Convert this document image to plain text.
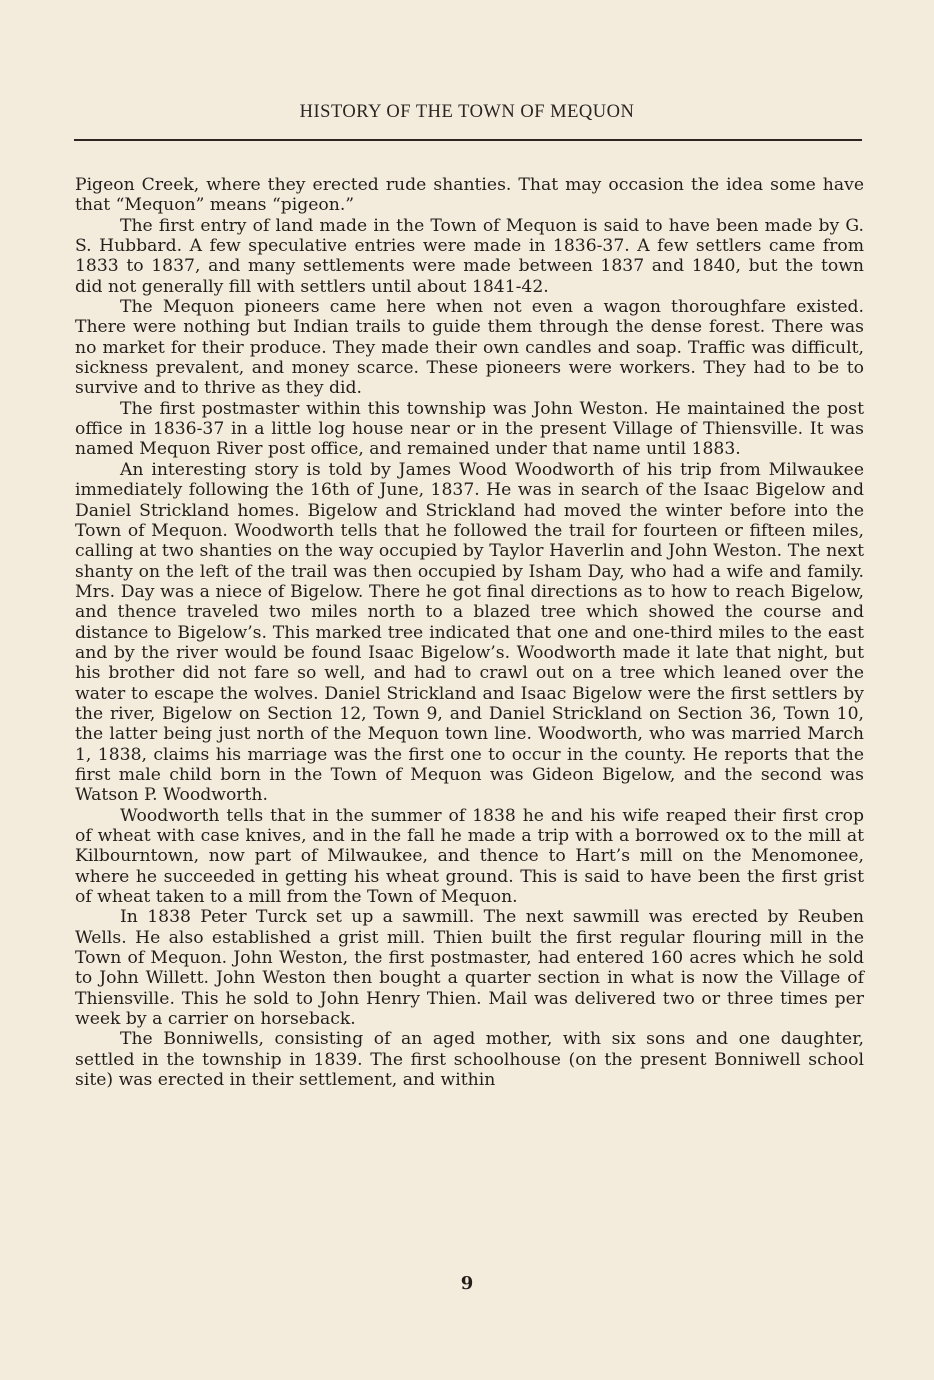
HISTORY OF THE TOWN OF MEQUON

Pigeon Creek, where they erected rude shanties. That may occasion the idea some have that “Mequon” means “pigeon.”

The first entry of land made in the Town of Mequon is said to have been made by G. S. Hubbard. A few speculative entries were made in 1836-37. A few settlers came from 1833 to 1837, and many settlements were made between 1837 and 1840, but the town did not generally fill with settlers until about 1841-42.

The Mequon pioneers came here when not even a wagon thoroughfare existed. There were nothing but Indian trails to guide them through the dense forest. There was no market for their produce. They made their own candles and soap. Traffic was difficult, sickness prevalent, and money scarce. These pioneers were workers. They had to be to survive and to thrive as they did.

The first postmaster within this township was John Weston. He maintained the post office in 1836-37 in a little log house near or in the present Village of Thiensville. It was named Mequon River post office, and remained under that name until 1883.

An interesting story is told by James Wood Woodworth of his trip from Milwaukee immediately following the 16th of June, 1837. He was in search of the Isaac Bigelow and Daniel Strickland homes. Bigelow and Strickland had moved the winter before into the Town of Mequon. Woodworth tells that he followed the trail for fourteen or fifteen miles, calling at two shanties on the way occupied by Taylor Haverlin and John Weston. The next shanty on the left of the trail was then occupied by Isham Day, who had a wife and family. Mrs. Day was a niece of Bigelow. There he got final directions as to how to reach Bigelow, and thence traveled two miles north to a blazed tree which showed the course and distance to Bigelow’s. This marked tree indicated that one and one-third miles to the east and by the river would be found Isaac Bigelow’s. Woodworth made it late that night, but his brother did not fare so well, and had to crawl out on a tree which leaned over the water to escape the wolves. Daniel Strickland and Isaac Bigelow were the first settlers by the river, Bigelow on Section 12, Town 9, and Daniel Strickland on Section 36, Town 10, the latter being just north of the Mequon town line. Woodworth, who was married March 1, 1838, claims his marriage was the first one to occur in the county. He reports that the first male child born in the Town of Mequon was Gideon Bigelow, and the second was Watson P. Woodworth.

Woodworth tells that in the summer of 1838 he and his wife reaped their first crop of wheat with case knives, and in the fall he made a trip with a borrowed ox to the mill at Kilbourntown, now part of Milwaukee, and thence to Hart’s mill on the Menomonee, where he succeeded in getting his wheat ground. This is said to have been the first grist of wheat taken to a mill from the Town of Mequon.

In 1838 Peter Turck set up a sawmill. The next sawmill was erected by Reuben Wells. He also established a grist mill. Thien built the first regular flouring mill in the Town of Mequon. John Weston, the first postmaster, had entered 160 acres which he sold to John Willett. John Weston then bought a quarter section in what is now the Village of Thiensville. This he sold to John Henry Thien. Mail was delivered two or three times per week by a carrier on horseback.

The Bonniwells, consisting of an aged mother, with six sons and one daughter, settled in the township in 1839. The first schoolhouse (on the present Bonniwell school site) was erected in their settlement, and within

9
